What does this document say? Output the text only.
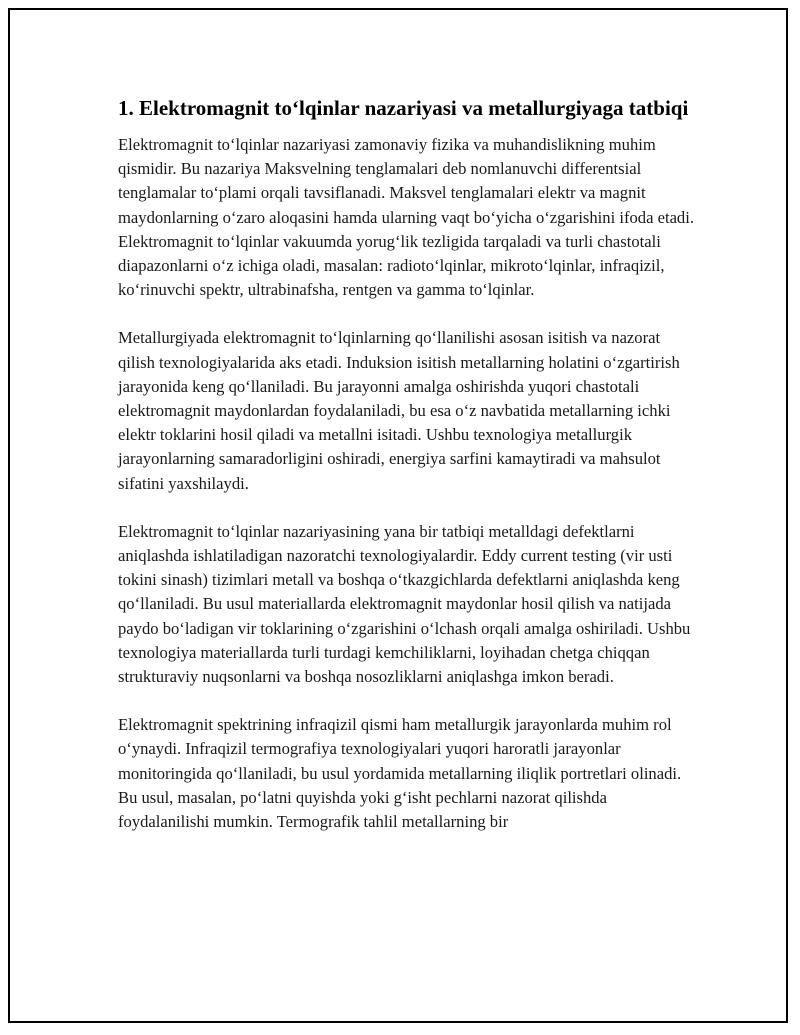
1. Elektromagnit to‘lqinlar nazariyasi va metallurgiyaga tatbiqi

Elektromagnit to‘lqinlar nazariyasi zamonaviy fizika va muhandislikning muhim qismidir. Bu nazariya Maksvelning tenglamalari deb nomlanuvchi differentsial tenglamalar to‘plami orqali tavsiflanadi. Maksvel tenglamalari elektr va magnit maydonlarning o‘zaro aloqasini hamda ularning vaqt bo‘yicha o‘zgarishini ifoda etadi. Elektromagnit to‘lqinlar vakuumda yorug‘lik tezligida tarqaladi va turli chastotali diapazonlarni o‘z ichiga oladi, masalan: radioto‘lqinlar, mikroto‘lqinlar, infraqizil, ko‘rinuvchi spektr, ultrabinafsha, rentgen va gamma to‘lqinlar.

Metallurgiyada elektromagnit to‘lqinlarning qo‘llanilishi asosan isitish va nazorat qilish texnologiyalarida aks etadi. Induksion isitish metallarning holatini o‘zgartirish jarayonida keng qo‘llaniladi. Bu jarayonni amalga oshirishda yuqori chastotali elektromagnit maydonlardan foydalaniladi, bu esa o‘z navbatida metallarning ichki elektr toklarini hosil qiladi va metallni isitadi. Ushbu texnologiya metallurgik jarayonlarning samaradorligini oshiradi, energiya sarfini kamaytiradi va mahsulot sifatini yaxshilaydi.

Elektromagnit to‘lqinlar nazariyasining yana bir tatbiqi metalldagi defektlarni aniqlashda ishlatiladigan nazoratchi texnologiyalardir. Eddy current testing (vir usti tokini sinash) tizimlari metall va boshqa o‘tkazgichlarda defektlarni aniqlashda keng qo‘llaniladi. Bu usul materiallarda elektromagnit maydonlar hosil qilish va natijada paydo bo‘ladigan vir toklarining o‘zgarishini o‘lchash orqali amalga oshiriladi. Ushbu texnologiya materiallarda turli turdagi kemchiliklarni, loyihadan chetga chiqqan strukturaviy nuqsonlarni va boshqa nosozliklarni aniqlashga imkon beradi.

Elektromagnit spektrining infraqizil qismi ham metallurgik jarayonlarda muhim rol o‘ynaydi. Infraqizil termografiya texnologiyalari yuqori haroratli jarayonlar monitoringida qo‘llaniladi, bu usul yordamida metallarning iliqlik portretlari olinadi. Bu usul, masalan, po‘latni quyishda yoki g‘isht pechlarni nazorat qilishda foydalanilishi mumkin. Termografik tahlil metallarning bir
